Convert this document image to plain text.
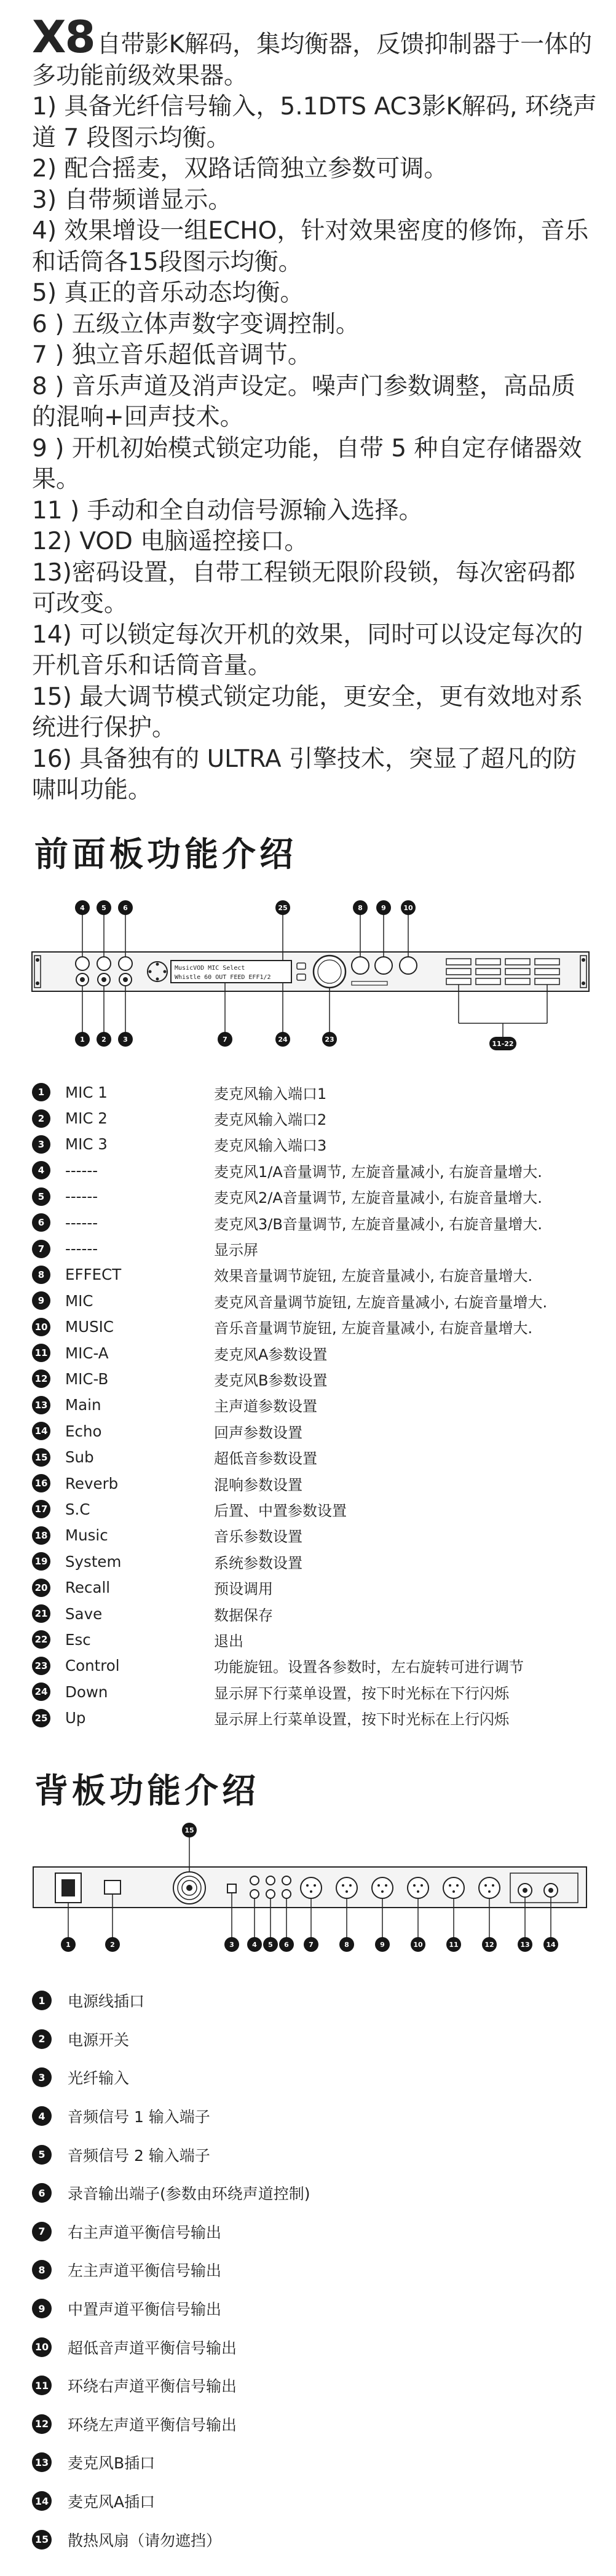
X8 自带影K解码，集均衡器，反馈抑制器于一体的多功能前级效果器。

1) 具备光纤信号输入，5.1DTS AC3影K解码, 环绕声道 7 段图示均衡。

2) 配合摇麦，双路话筒独立参数可调。

3) 自带频谱显示。

4) 效果增设一组ECHO，针对效果密度的修饰，音乐和话筒各15段图示均衡。

5) 真正的音乐动态均衡。

6 ) 五级立体声数字变调控制。

7 ) 独立音乐超低音调节。

8 ) 音乐声道及消声设定。噪声门参数调整，高品质的混响+回声技术。

9 ) 开机初始模式锁定功能，自带 5 种自定存储器效果。

11 ) 手动和全自动信号源输入选择。

12) VOD 电脑遥控接口。

13)密码设置，自带工程锁无限阶段锁，每次密码都可改变。

14) 可以锁定每次开机的效果，同时可以设定每次的开机音乐和话筒音量。

15) 最大调节模式锁定功能，更安全，更有效地对系统进行保护。

16) 具备独有的 ULTRA 引擎技术，突显了超凡的防啸叫功能。

前面板功能介绍
MusicVOD MIC Select
Whistle 60 OUT FEED EFF1/2
4 5 6	25	8	9	10
1 2 3	7	24	23
11-22
1	MIC 1	麦克风输入端口1
2	MIC 2	麦克风输入端口2
3	MIC 3	麦克风输入端口3
4	------	麦克风1/A音量调节, 左旋音量减小, 右旋音量增大.
5	------	麦克风2/A音量调节, 左旋音量减小, 右旋音量增大.
6	------	麦克风3/B音量调节, 左旋音量减小, 右旋音量增大.
7	------	显示屏
8	EFFECT	效果音量调节旋钮, 左旋音量减小, 右旋音量增大.
9	MIC	麦克风音量调节旋钮, 左旋音量减小, 右旋音量增大.
10	MUSIC	音乐音量调节旋钮, 左旋音量减小, 右旋音量增大.
11	MIC-A	麦克风A参数设置
12	MIC-B	麦克风B参数设置
13	Main	主声道参数设置
14	Echo	回声参数设置
15	Sub	超低音参数设置
16	Reverb	混响参数设置
17	S.C	后置、中置参数设置
18	Music	音乐参数设置
19	System	系统参数设置
20	Recall	预设调用
21	Save	数据保存
22	Esc	退出
23	Control	功能旋钮。设置各参数时，左右旋转可进行调节
24	Down	显示屏下行菜单设置，按下时光标在下行闪烁
25	Up	显示屏上行菜单设置，按下时光标在上行闪烁
背板功能介绍
15
1	2	3	4 5 6	7	8	9	10	11	12	13 14
1	电源线插口
2	电源开关
3	光纤输入
4	音频信号 1 输入端子
5	音频信号 2 输入端子
6	录音输出端子(参数由环绕声道控制)
7	右主声道平衡信号输出
8	左主声道平衡信号输出
9	中置声道平衡信号输出
10 超低音声道平衡信号输出
11 环绕右声道平衡信号输出
12 环绕左声道平衡信号输出
13 麦克风B插口
14 麦克风A插口
15 散热风扇（请勿遮挡）
